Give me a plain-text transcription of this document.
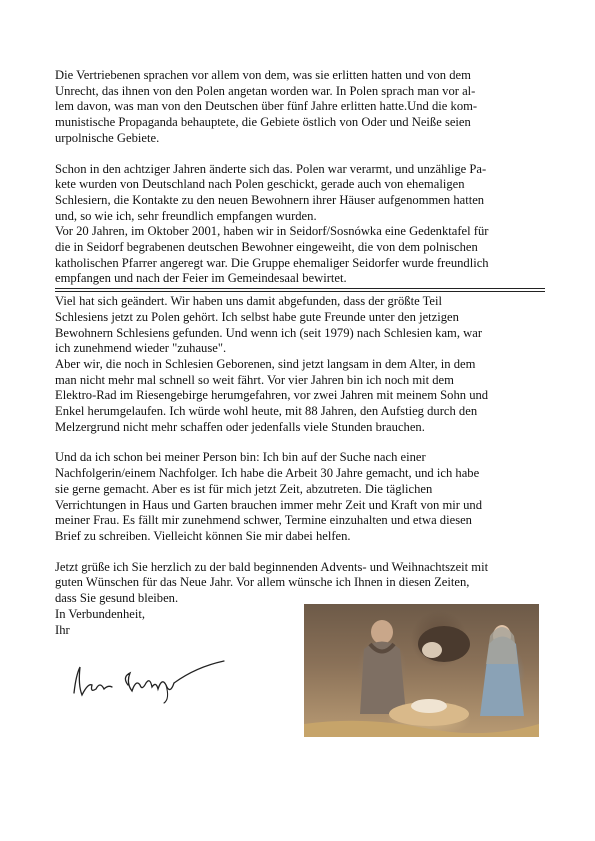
Die Vertriebenen sprachen vor allem von dem, was sie erlitten hatten und von dem
Unrecht, das ihnen von den Polen angetan worden war. In Polen sprach man vor al-
lem davon, was man von den Deutschen über fünf Jahre erlitten hatte.Und die kom-
munistische Propaganda behauptete, die Gebiete östlich von Oder und Neiße seien
urpolnische Gebiete.

Schon in den achtziger Jahren änderte sich das. Polen war verarmt, und unzählige Pa-
kete wurden von Deutschland nach Polen geschickt, gerade auch von ehemaligen
Schlesiern, die Kontakte zu den neuen Bewohnern ihrer Häuser aufgenommen hatten
und, so wie ich, sehr freundlich empfangen wurden.
Vor 20 Jahren, im Oktober 2001, haben wir in Seidorf/Sosnówka eine Gedenktafel für
die in Seidorf begrabenen deutschen Bewohner eingeweiht, die von dem polnischen
katholischen Pfarrer angeregt war. Die Gruppe ehemaliger Seidorfer wurde freundlich
empfangen und nach der Feier im Gemeindesaal bewirtet.

Viel hat sich geändert. Wir haben uns damit abgefunden, dass der größte Teil
Schlesiens jetzt zu Polen gehört. Ich selbst habe gute Freunde unter den jetzigen
Bewohnern Schlesiens gefunden. Und wenn ich (seit 1979) nach Schlesien kam, war
ich zunehmend wieder "zuhause".
Aber wir, die noch in Schlesien Geborenen, sind jetzt langsam in dem Alter, in dem
man nicht mehr mal schnell so weit fährt. Vor vier Jahren bin ich noch mit dem
Elektro-Rad im Riesengebirge herumgefahren, vor zwei Jahren mit meinem Sohn und
Enkel herumgelaufen. Ich würde wohl heute, mit 88 Jahren, den Aufstieg durch den
Melzergrund nicht mehr schaffen oder jedenfalls viele Stunden brauchen.

Und da ich schon bei meiner Person bin: Ich bin auf der Suche nach einer
Nachfolgerin/einem Nachfolger. Ich habe die Arbeit 30 Jahre gemacht, und ich habe
sie gerne gemacht. Aber es ist für mich jetzt Zeit, abzutreten. Die täglichen
Verrichtungen in Haus und Garten brauchen immer mehr Zeit und Kraft von mir und
meiner Frau. Es fällt mir zunehmend schwer, Termine einzuhalten und etwa diesen
Brief zu schreiben. Vielleicht können Sie mir dabei helfen.

Jetzt grüße ich Sie herzlich zu der bald beginnenden Advents- und Weihnachtszeit mit
guten Wünschen für das Neue Jahr. Vor allem wünsche ich Ihnen in diesen Zeiten,
dass Sie gesund bleiben.
In Verbundenheit,
Ihr
